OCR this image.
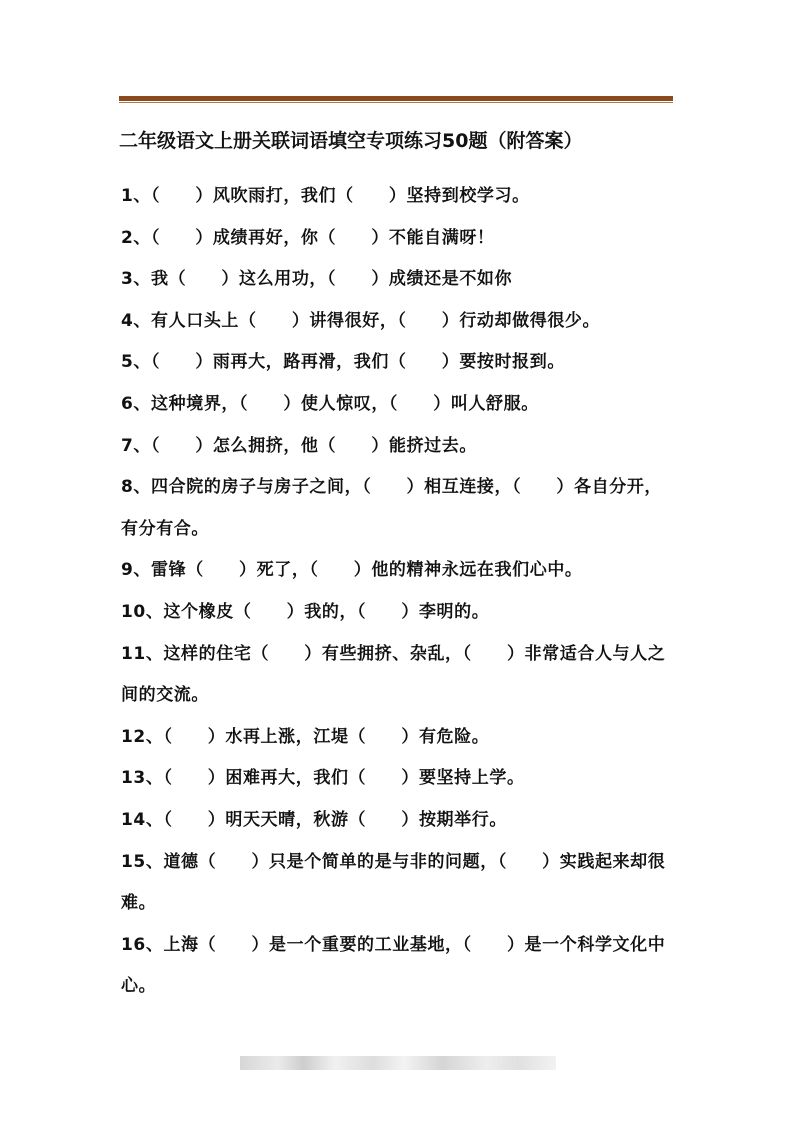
二年级语文上册关联词语填空专项练习50题（附答案）
1、（　　）风吹雨打，我们（　　）坚持到校学习。
2、（　　）成绩再好，你（　　）不能自满呀！
3、我（　　）这么用功，（　　）成绩还是不如你
4、有人口头上（　　）讲得很好，（　　）行动却做得很少。
5、（　　）雨再大，路再滑，我们（　　）要按时报到。
6、这种境界，（　　）使人惊叹，（　　）叫人舒服。
7、（　　）怎么拥挤，他（　　）能挤过去。
8、四合院的房子与房子之间，（　　）相互连接，（　　）各自分开，有分有合。
9、雷锋（　　）死了，（　　）他的精神永远在我们心中。
10、这个橡皮（　　）我的，（　　）李明的。
11、这样的住宅（　　）有些拥挤、杂乱，（　　）非常适合人与人之间的交流。
12、（　　）水再上涨，江堤（　　）有危险。
13、（　　）困难再大，我们（　　）要坚持上学。
14、（　　）明天天晴，秋游（　　）按期举行。
15、道德（　　）只是个简单的是与非的问题，（　　）实践起来却很难。
16、上海（　　）是一个重要的工业基地，（　　）是一个科学文化中心。
